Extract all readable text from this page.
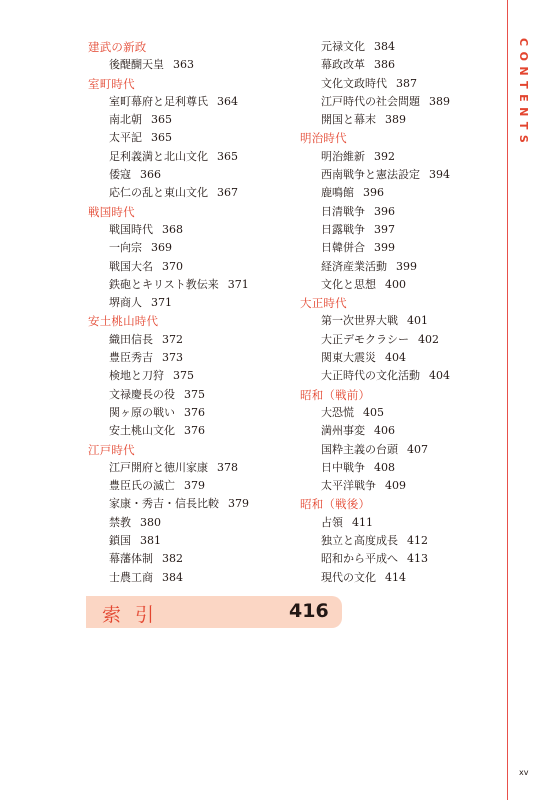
建武の新政
後醍醐天皇 363
室町時代
室町幕府と足利尊氏 364
南北朝 365
太平記 365
足利義満と北山文化 365
倭寇 366
応仁の乱と東山文化 367
戦国時代
戦国時代 368
一向宗 369
戦国大名 370
鉄砲とキリスト教伝来 371
堺商人 371
安土桃山時代
織田信長 372
豊臣秀吉 373
検地と刀狩 375
文禄慶長の役 375
関ヶ原の戦い 376
安土桃山文化 376
江戸時代
江戸開府と徳川家康 378
豊臣氏の滅亡 379
家康・秀吉・信長比較 379
禁教 380
鎖国 381
幕藩体制 382
士農工商 384
元禄文化 384
幕政改革 386
文化文政時代 387
江戸時代の社会問題 389
開国と幕末 389
明治時代
明治維新 392
西南戦争と憲法設定 394
鹿鳴館 396
日清戦争 396
日露戦争 397
日韓併合 399
経済産業活動 399
文化と思想 400
大正時代
第一次世界大戦 401
大正デモクラシー 402
関東大震災 404
大正時代の文化活動 404
昭和（戦前）
大恐慌 405
満州事変 406
国粋主義の台頭 407
日中戦争 408
太平洋戦争 409
昭和（戦後）
占領 411
独立と高度成長 412
昭和から平成へ 413
現代の文化 414
CONTENTS
索引	416
xv
